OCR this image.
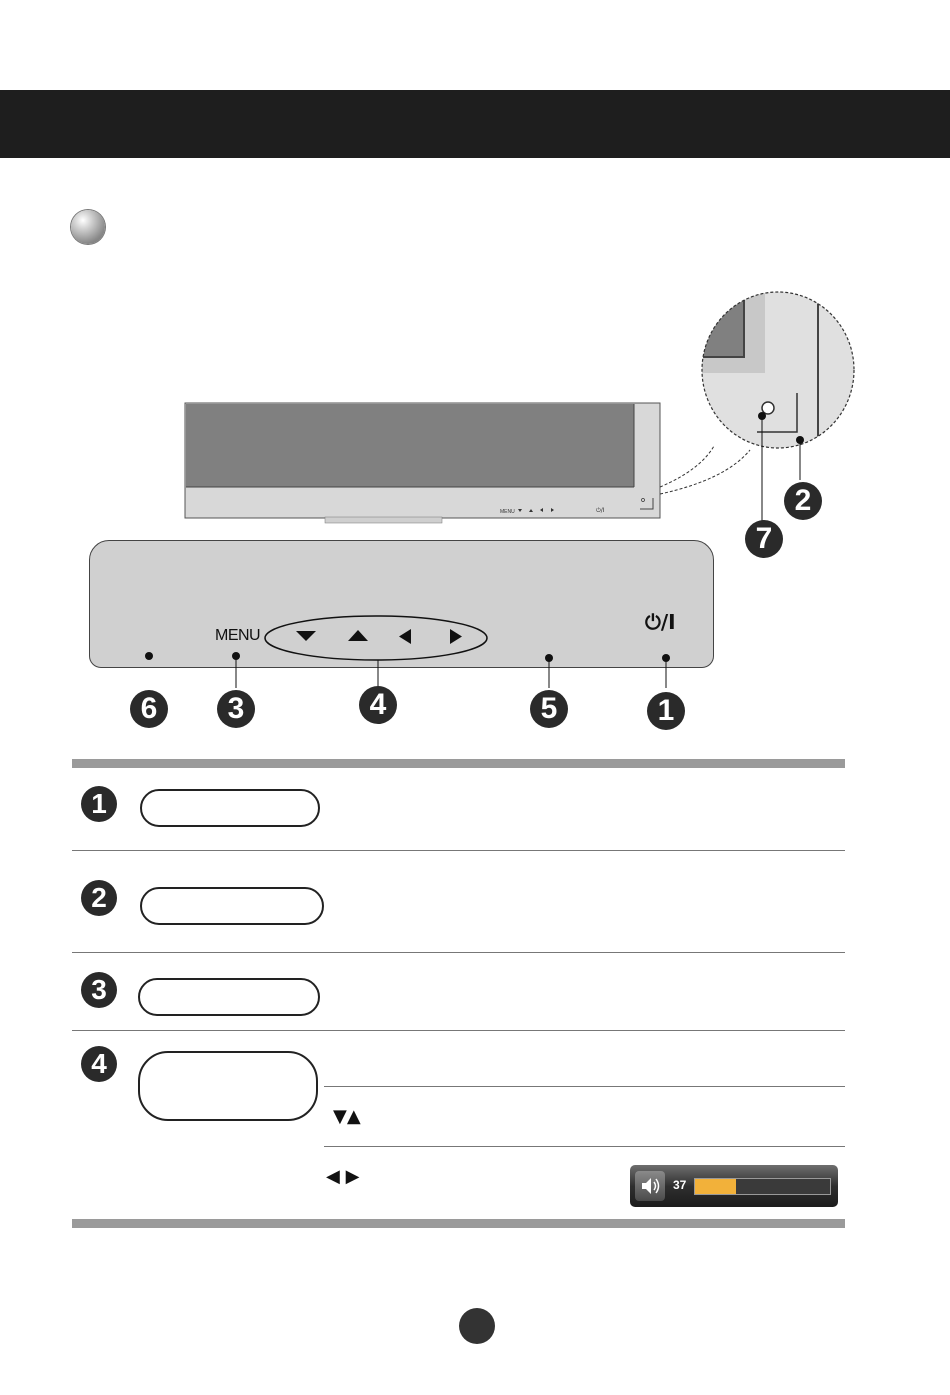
MENU	⏻/I	2
7
MENU
⏻/I
6 3	4	5	1
1
2
3
4
▼▲
◀ ▶	37
